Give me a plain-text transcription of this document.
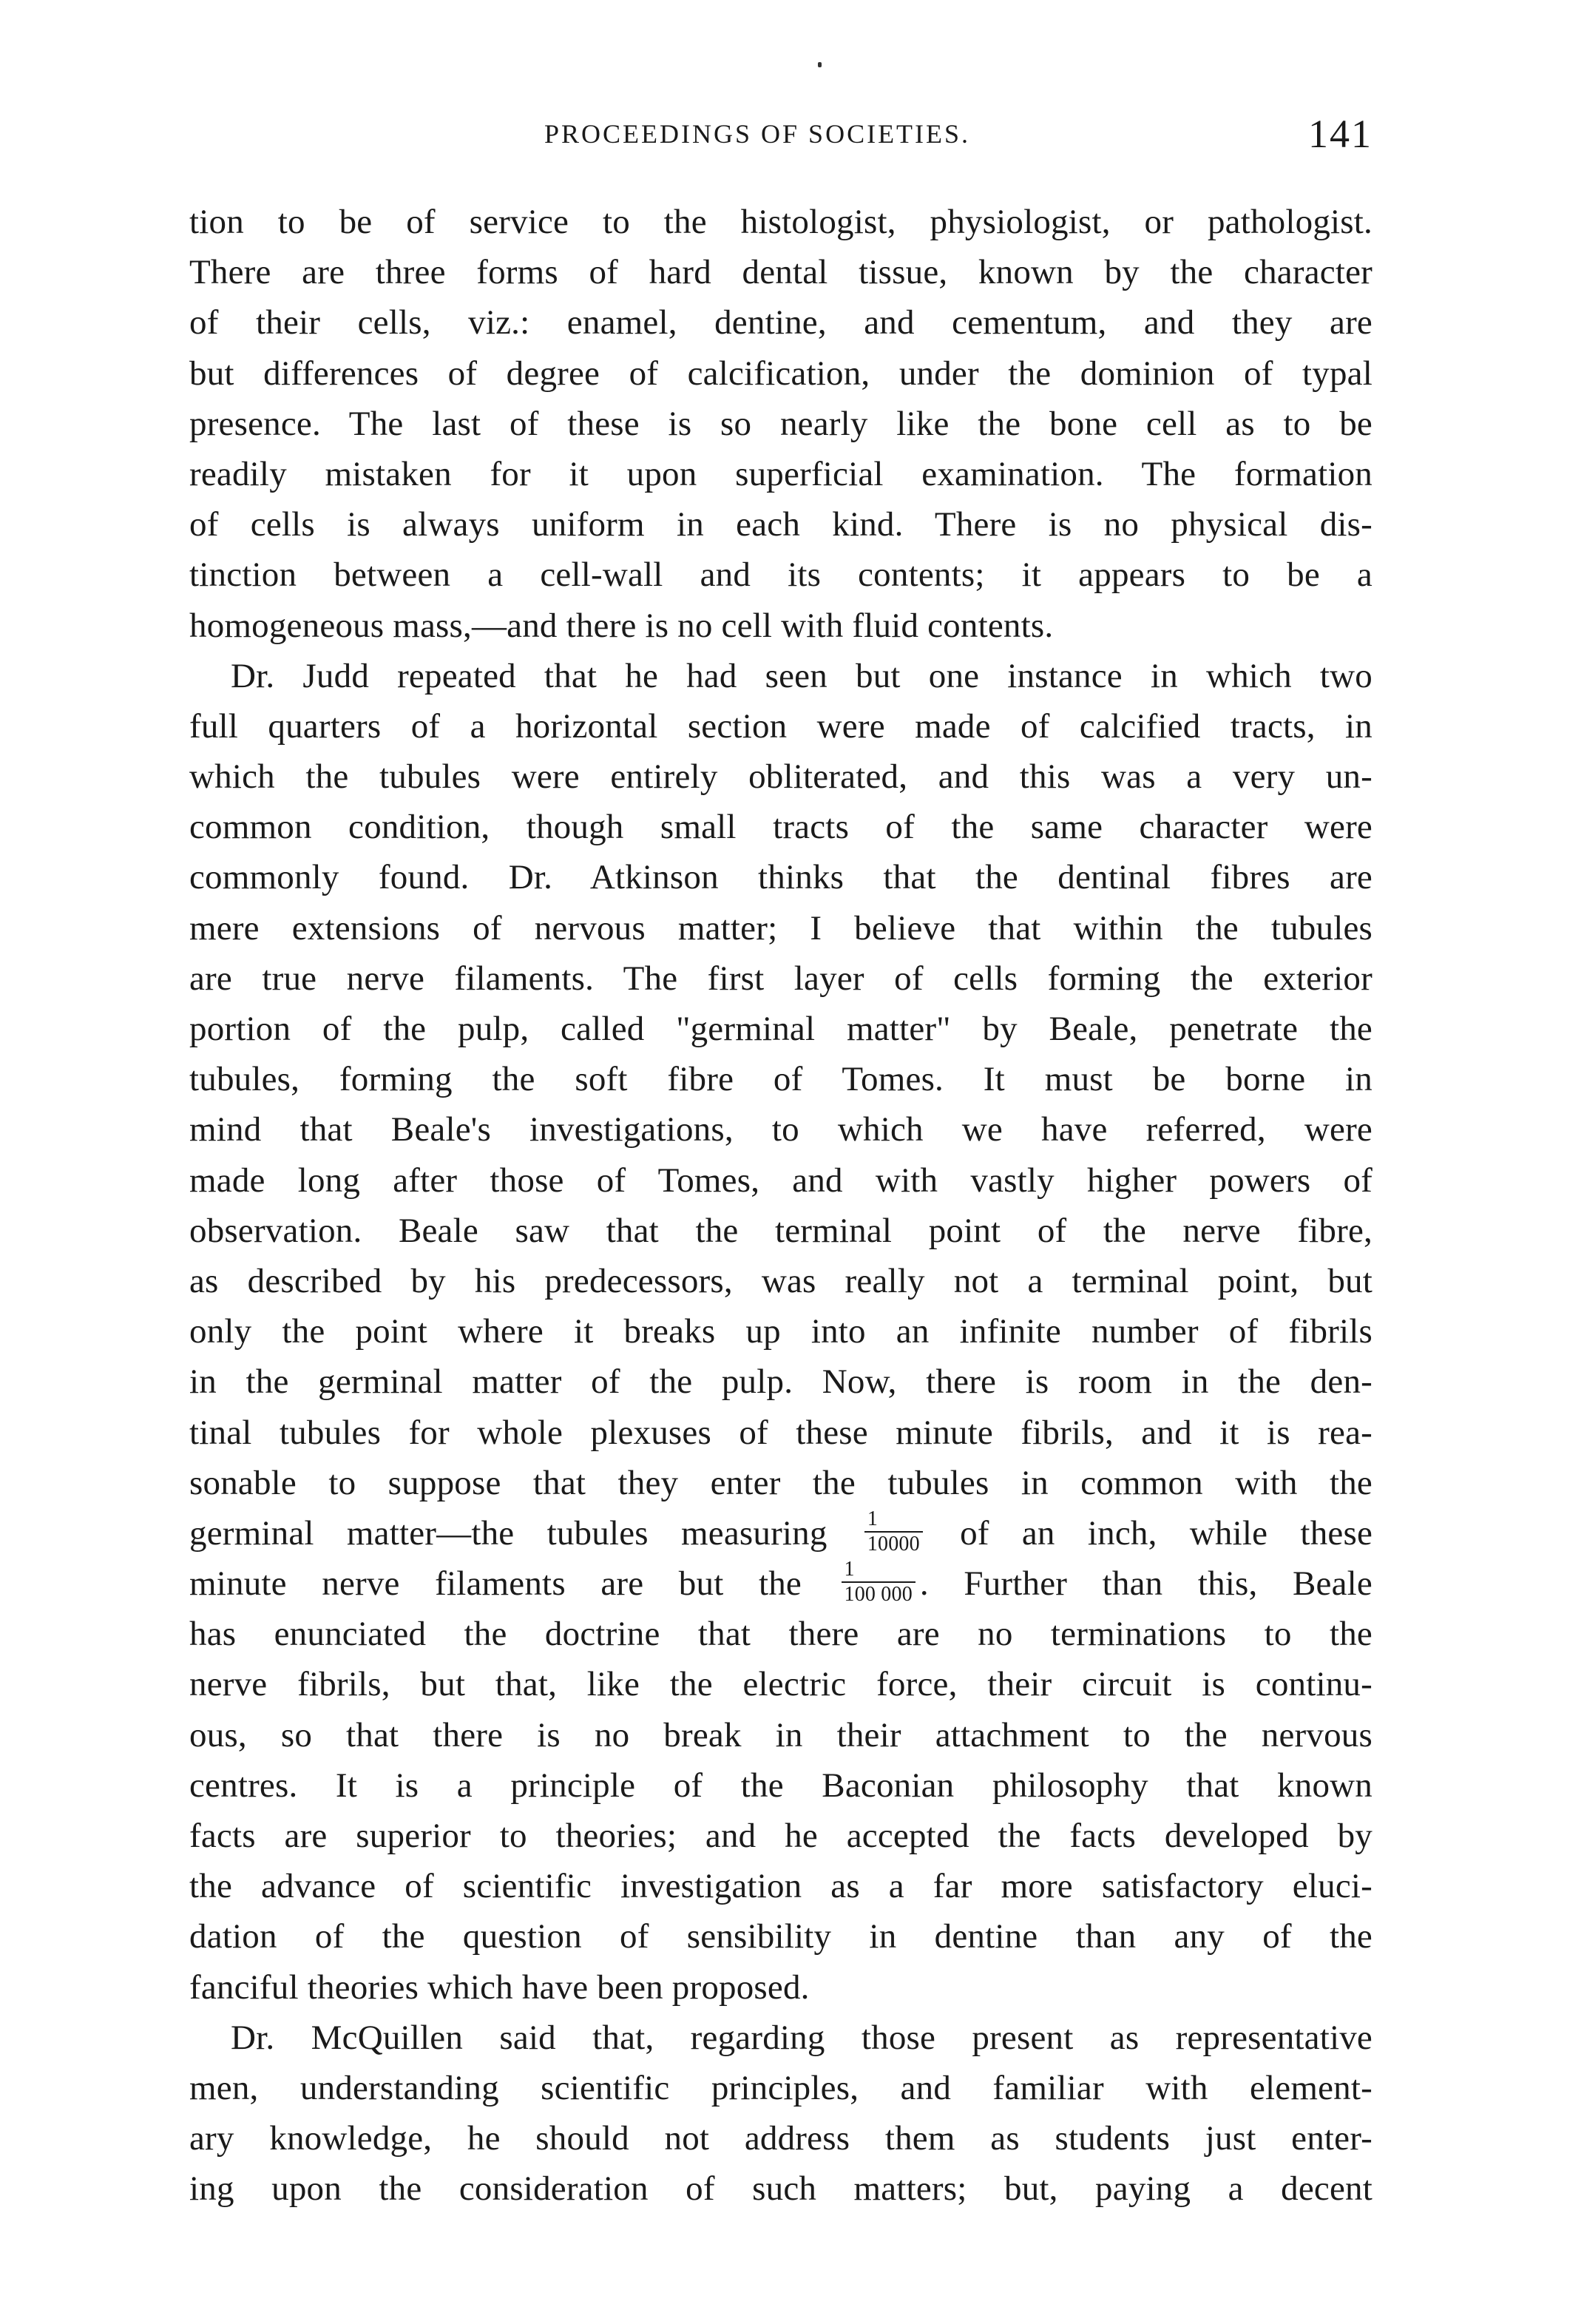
PROCEEDINGS OF SOCIETIES.	141
tion to be of service to the histologist, physiologist, or pathologist.
There are three forms of hard dental tissue, known by the character
of their cells, viz.: enamel, dentine, and cementum, and they are
but differences of degree of calcification, under the dominion of typal
presence. The last of these is so nearly like the bone cell as to be
readily mistaken for it upon superficial examination. The formation
of cells is always uniform in each kind. There is no physical dis-
tinction between a cell-wall and its contents; it appears to be a
homogeneous mass,—and there is no cell with fluid contents.
Dr. Judd repeated that he had seen but one instance in which two
full quarters of a horizontal section were made of calcified tracts, in
which the tubules were entirely obliterated, and this was a very un-
common condition, though small tracts of the same character were
commonly found. Dr. Atkinson thinks that the dentinal fibres are
mere extensions of nervous matter; I believe that within the tubules
are true nerve filaments. The first layer of cells forming the exterior
portion of the pulp, called "germinal matter" by Beale, penetrate the
tubules, forming the soft fibre of Tomes. It must be borne in
mind that Beale's investigations, to which we have referred, were
made long after those of Tomes, and with vastly higher powers of
observation. Beale saw that the terminal point of the nerve fibre,
as described by his predecessors, was really not a terminal point, but
only the point where it breaks up into an infinite number of fibrils
in the germinal matter of the pulp. Now, there is room in the den-
tinal tubules for whole plexuses of these minute fibrils, and it is rea-
sonable to suppose that they enter the tubules in common with the
germinal matter—the tubules measuring $\frac{1}{10000}$ of an inch, while these
minute nerve filaments are but the $\frac{1}{100 000}$ . Further than this, Beale
has enunciated the doctrine that there are no terminations to the
nerve fibrils, but that, like the electric force, their circuit is continu-
ous, so that there is no break in their attachment to the nervous
centres. It is a principle of the Baconian philosophy that known
facts are superior to theories; and he accepted the facts developed by
the advance of scientific investigation as a far more satisfactory eluci-
dation of the question of sensibility in dentine than any of the
fanciful theories which have been proposed.
Dr. McQuillen said that, regarding those present as representative
men, understanding scientific principles, and familiar with element-
ary knowledge, he should not address them as students just enter-
ing upon the consideration of such matters; but, paying a decent
